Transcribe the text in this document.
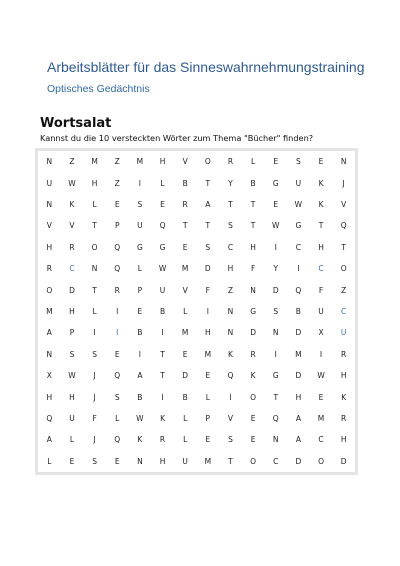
Arbeitsblätter für das Sinneswahrnehmungstraining
Optisches Gedächtnis
Wortsalat
Kannst du die 10 versteckten Wörter zum Thema "Bücher" finden?
N	Z	M	Z	M	H	V	O	R	L	E	S	E	N
U	W	H	Z	I	L	B	T	Y	B	G	U	K	J
N	K	L	E	S	E	R	A	T	T	E	W	K	V
V	V	T	P	U	Q	T	T	S	T	W	G	T	Q
H	R	O	Q	G	G	E	S	C	H	I	C	H	T
R	C	N	Q	L	W	M	D	H	F	Y	I	C	O
O	D	T	R	P	U	V	F	Z	N	D	Q	F	Z
M	H	L	I	E	B	L	I	N	G	S	B	U	C
A	P	I	I	B	I	M	H	N	D	N	D	X	U
N	S	S	E	I	T	E	M	K	R	I	M	I	R
X	W	J	Q	A	T	D	E	Q	K	G	D	W	H
H	H	J	S	B	I	B	L	I	O	T	H	E	K
Q	U	F	L	W	K	L	P	V	E	Q	A	M	R
A	L	J	Q	K	R	L	E	S	E	N	A	C	H
L	E	S	E	N	H	U	M	T	O	C	D	O	D
